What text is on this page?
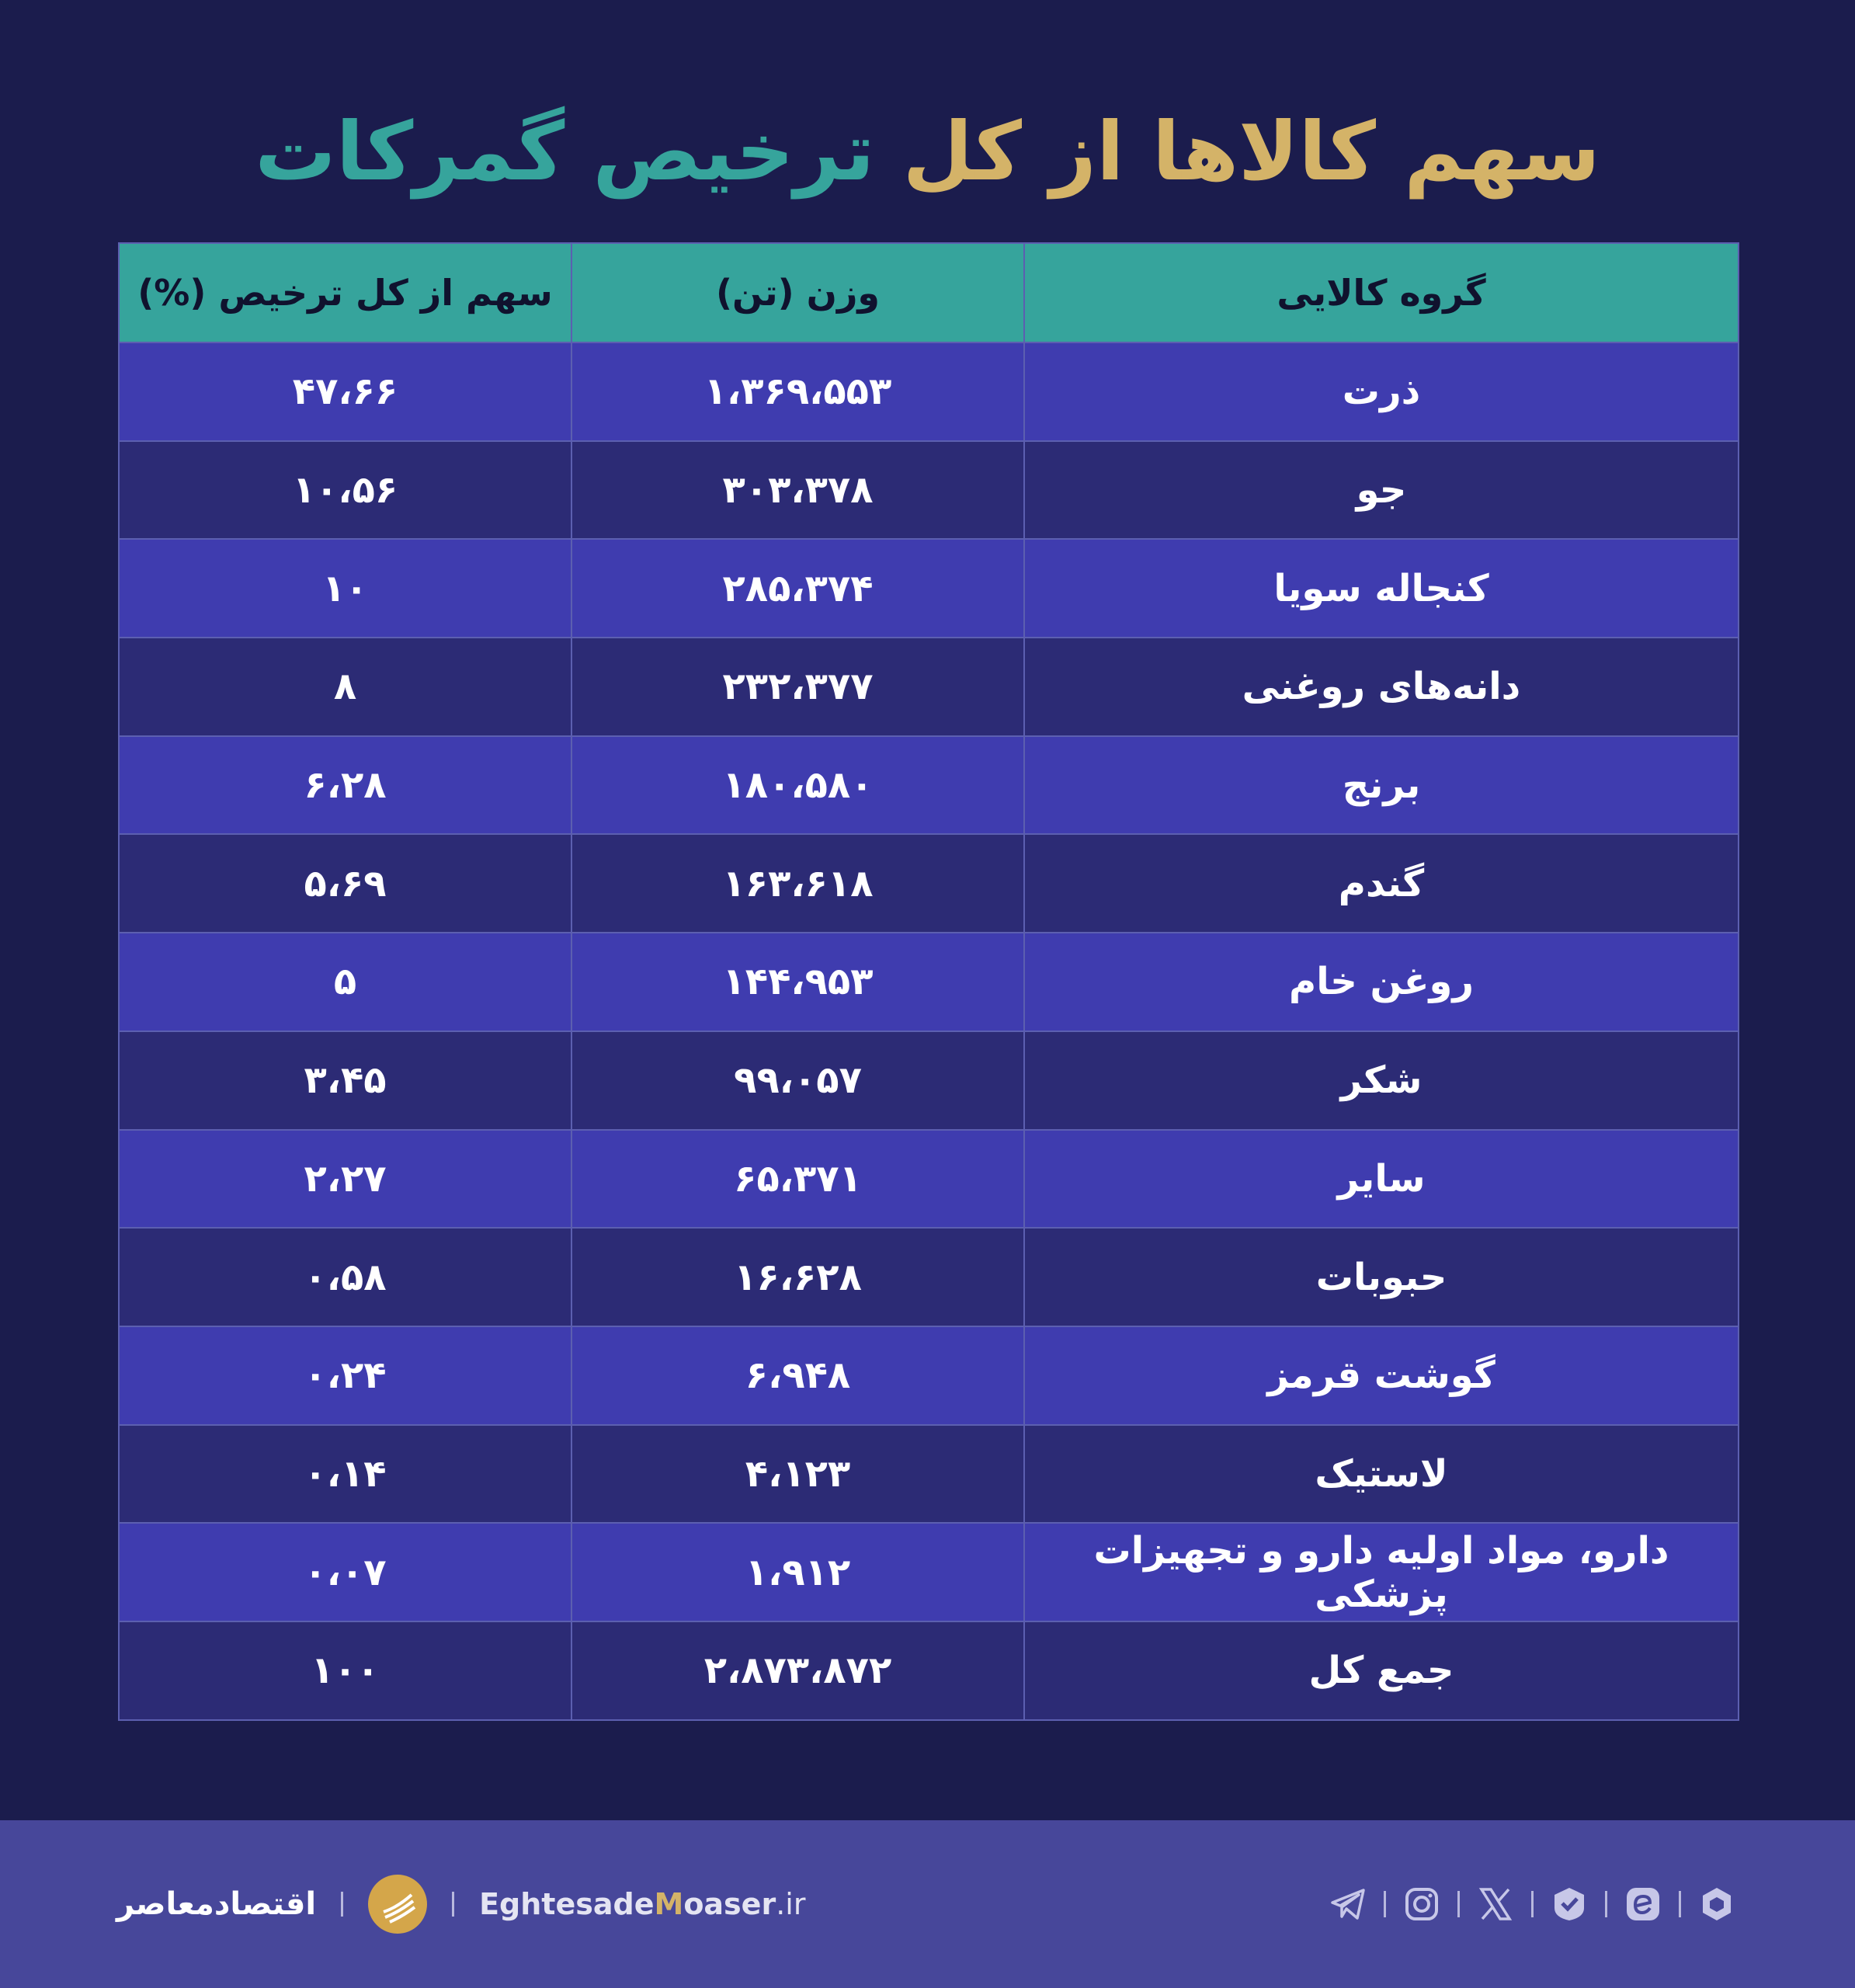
سهم کالاها از کل ترخیص گمرکات
گروه کالایی	وزن (تن)	سهم از کل ترخیص (%)
ذرت	۱،۳۶۹،۵۵۳	۴۷،۶۶
جو	۳۰۳،۳۷۸	۱۰،۵۶
کنجاله سویا	۲۸۵،۳۷۴	۱۰
دانه‌های روغنی	۲۳۲،۳۷۷	۸
برنج	۱۸۰،۵۸۰	۶،۲۸
گندم	۱۶۳،۶۱۸	۵،۶۹
روغن خام	۱۴۴،۹۵۳	۵
شکر	۹۹،۰۵۷	۳،۴۵
سایر	۶۵،۳۷۱	۲،۲۷
حبوبات	۱۶،۶۲۸	۰،۵۸
گوشت قرمز	۶،۹۴۸	۰،۲۴
لاستیک	۴،۱۲۳	۰،۱۴
دارو، مواد اولیه دارو و تجهیزات پزشکی	۱،۹۱۲	۰،۰۷
جمع کل	۲،۸۷۳،۸۷۲	۱۰۰
اقتصادمعاصر	EghtesadeMoaser.ir
